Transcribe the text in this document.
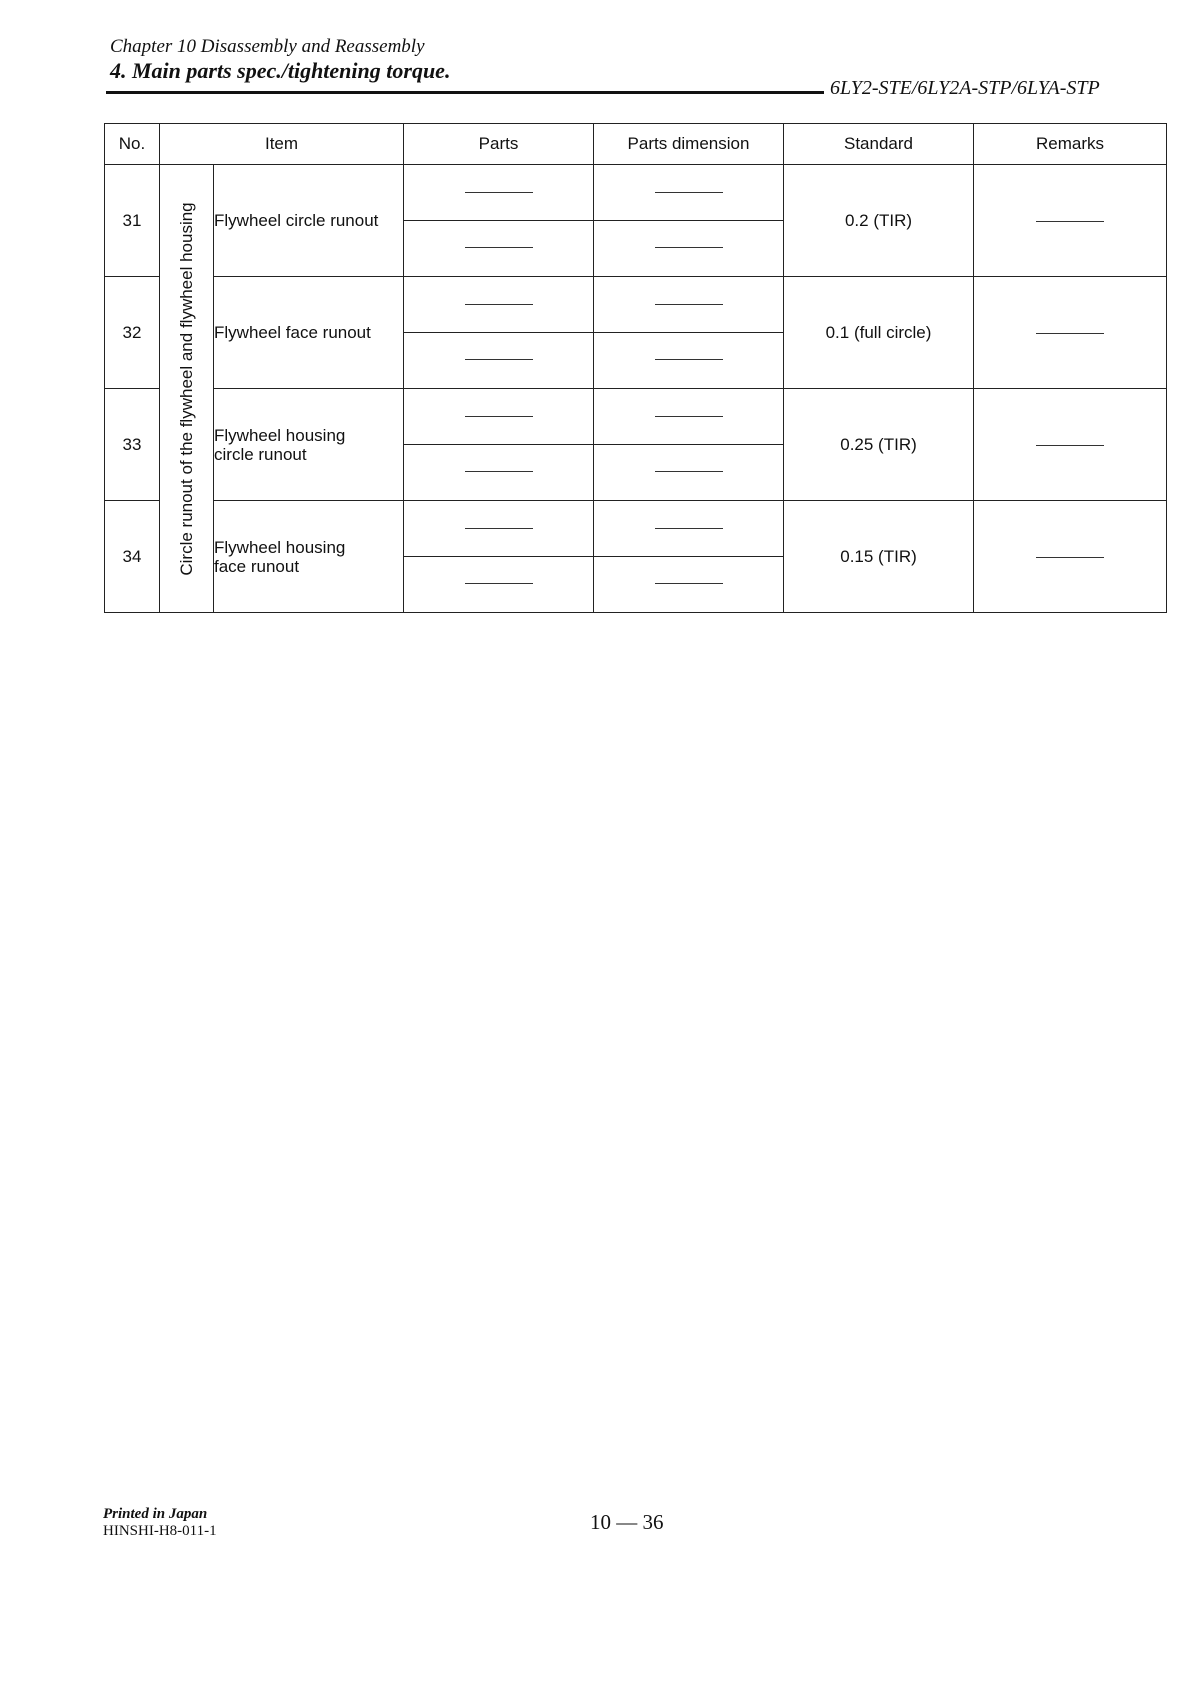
Chapter 10 Disassembly and Reassembly
4. Main parts spec./tightening torque.
6LY2-STE/6LY2A-STP/6LYA-STP
No.	Item		Parts	Parts dimension	Standard	Remarks
31	Circle runout of the flywheel and flywheel housing	Flywheel circle runout			0.2 (TIR)	
32		Flywheel face runout			0.1 (full circle)	
33		Flywheel housing circle runout			0.25 (TIR)	
34		Flywheel housing face runout			0.15 (TIR)	
Printed in Japan
HINSHI-H8-011-1	10 — 36
